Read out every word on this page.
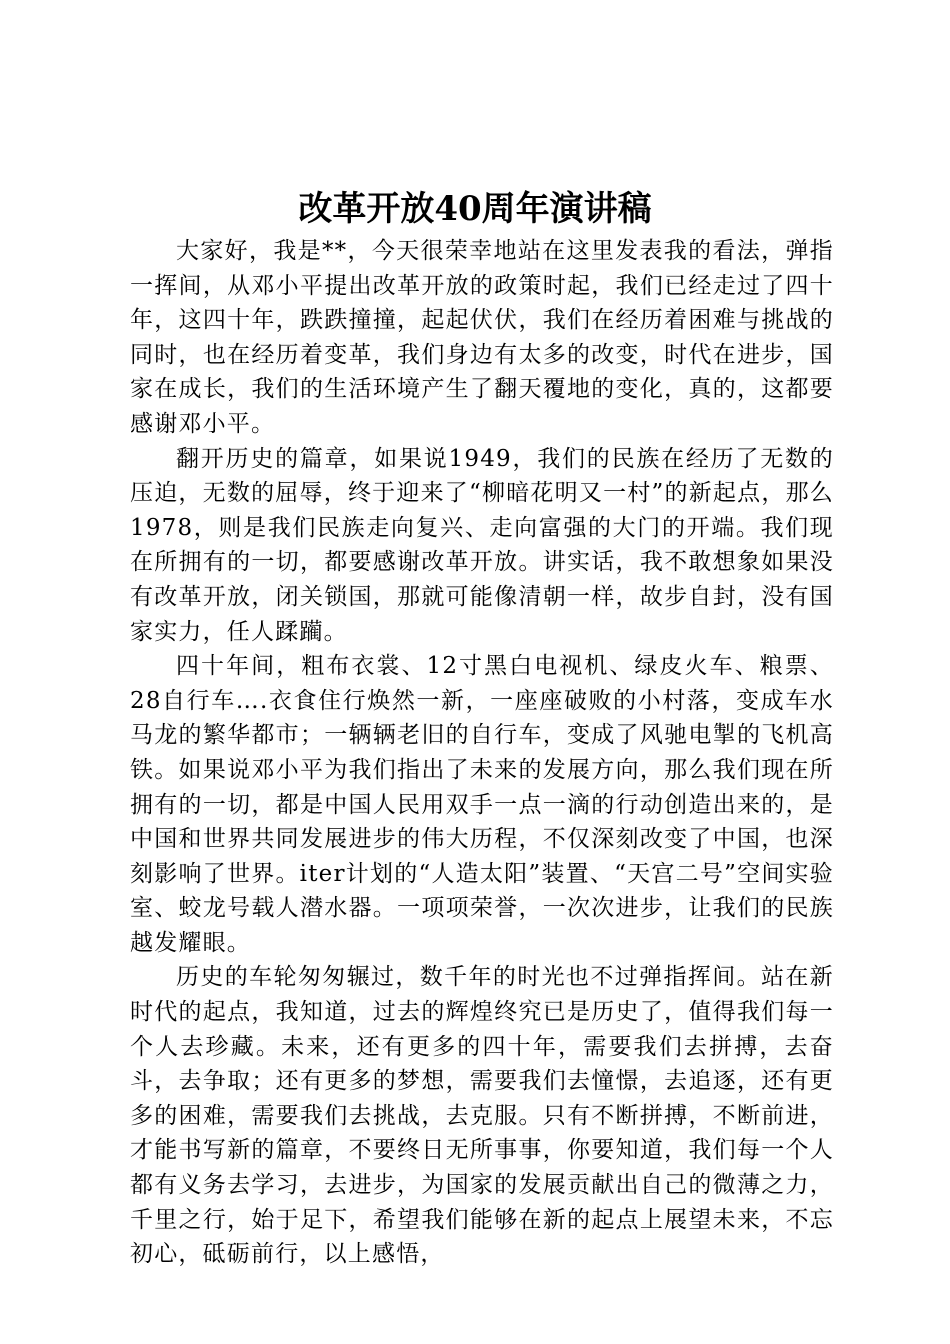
改革开放40周年演讲稿

大家好，我是**，今天很荣幸地站在这里发表我的看法，弹指一挥间，从邓小平提出改革开放的政策时起，我们已经走过了四十年，这四十年，跌跌撞撞，起起伏伏，我们在经历着困难与挑战的同时，也在经历着变革，我们身边有太多的改变，时代在进步，国家在成长，我们的生活环境产生了翻天覆地的变化，真的，这都要感谢邓小平。

翻开历史的篇章，如果说1949，我们的民族在经历了无数的压迫，无数的屈辱，终于迎来了“柳暗花明又一村”的新起点，那么1978，则是我们民族走向复兴、走向富强的大门的开端。我们现在所拥有的一切，都要感谢改革开放。讲实话，我不敢想象如果没有改革开放，闭关锁国，那就可能像清朝一样，故步自封，没有国家实力，任人蹂躏。

四十年间，粗布衣裳、12寸黑白电视机、绿皮火车、粮票、28自行车….衣食住行焕然一新，一座座破败的小村落，变成车水马龙的繁华都市；一辆辆老旧的自行车，变成了风驰电掣的飞机高铁。如果说邓小平为我们指出了未来的发展方向，那么我们现在所拥有的一切，都是中国人民用双手一点一滴的行动创造出来的，是中国和世界共同发展进步的伟大历程，不仅深刻改变了中国，也深刻影响了世界。iter计划的“人造太阳”装置、“天宫二号”空间实验室、蛟龙号载人潜水器。一项项荣誉，一次次进步，让我们的民族越发耀眼。

历史的车轮匆匆辗过，数千年的时光也不过弹指挥间。站在新时代的起点，我知道，过去的辉煌终究已是历史了，值得我们每一个人去珍藏。未来，还有更多的四十年，需要我们去拼搏，去奋斗，去争取；还有更多的梦想，需要我们去憧憬，去追逐，还有更多的困难，需要我们去挑战，去克服。只有不断拼搏，不断前进，才能书写新的篇章，不要终日无所事事，你要知道，我们每一个人都有义务去学习，去进步，为国家的发展贡献出自己的微薄之力，千里之行，始于足下，希望我们能够在新的起点上展望未来，不忘初心，砥砺前行，以上感悟，
